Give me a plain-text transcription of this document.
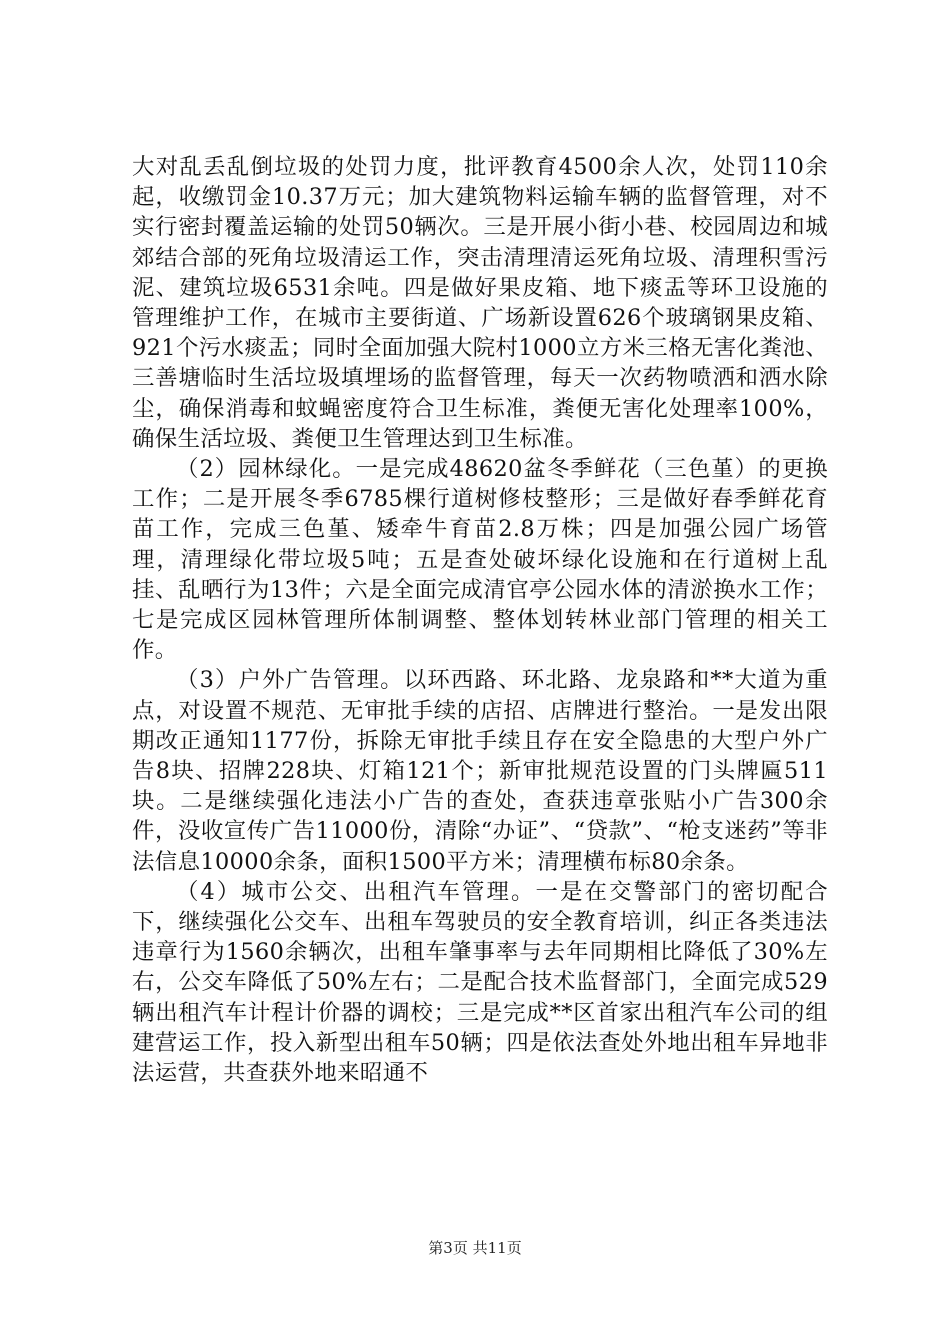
大对乱丢乱倒垃圾的处罚力度，批评教育4500余人次，处罚110余起，收缴罚金10.37万元；加大建筑物料运输车辆的监督管理，对不实行密封覆盖运输的处罚50辆次。三是开展小街小巷、校园周边和城郊结合部的死角垃圾清运工作，突击清理清运死角垃圾、清理积雪污泥、建筑垃圾6531余吨。四是做好果皮箱、地下痰盂等环卫设施的管理维护工作，在城市主要街道、广场新设置626个玻璃钢果皮箱、921个污水痰盂；同时全面加强大院村1000立方米三格无害化粪池、三善塘临时生活垃圾填埋场的监督管理，每天一次药物喷洒和洒水除尘，确保消毒和蚊蝇密度符合卫生标准，粪便无害化处理率100%，确保生活垃圾、粪便卫生管理达到卫生标准。

（2）园林绿化。一是完成48620盆冬季鲜花（三色堇）的更换工作；二是开展冬季6785棵行道树修枝整形；三是做好春季鲜花育苗工作，完成三色堇、矮牵牛育苗2.8万株；四是加强公园广场管理，清理绿化带垃圾5吨；五是查处破坏绿化设施和在行道树上乱挂、乱晒行为13件；六是全面完成清官亭公园水体的清淤换水工作；七是完成区园林管理所体制调整、整体划转林业部门管理的相关工作。

（3）户外广告管理。以环西路、环北路、龙泉路和**大道为重点，对设置不规范、无审批手续的店招、店牌进行整治。一是发出限期改正通知1177份，拆除无审批手续且存在安全隐患的大型户外广告8块、招牌228块、灯箱121个；新审批规范设置的门头牌匾511块。二是继续强化违法小广告的查处，查获违章张贴小广告300余件，没收宣传广告11000份，清除“办证”、“贷款”、“枪支迷药”等非法信息10000余条，面积1500平方米；清理横布标80余条。

（4）城市公交、出租汽车管理。一是在交警部门的密切配合下，继续强化公交车、出租车驾驶员的安全教育培训，纠正各类违法违章行为1560余辆次，出租车肇事率与去年同期相比降低了30%左右，公交车降低了50%左右；二是配合技术监督部门，全面完成529辆出租汽车计程计价器的调校；三是完成**区首家出租汽车公司的组建营运工作，投入新型出租车50辆；四是依法查处外地出租车异地非法运营，共查获外地来昭通不

第3页 共11页
